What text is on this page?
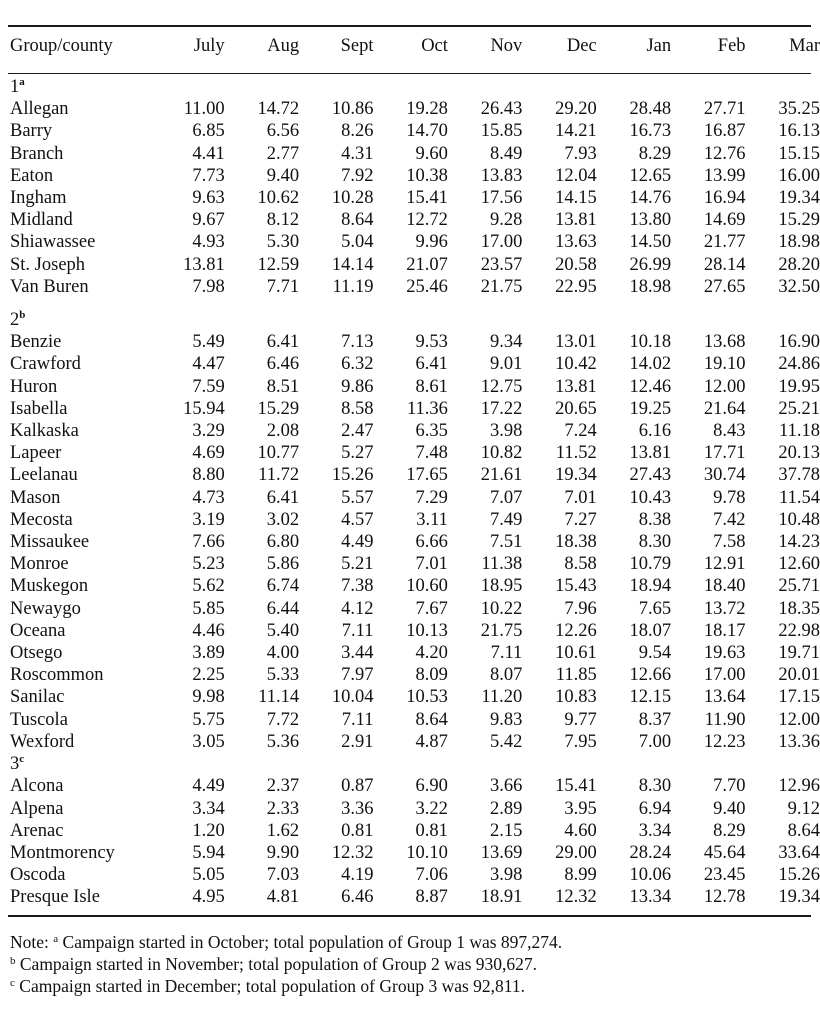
Group/county	July	Aug	Sept	Oct	Nov	Dec	Jan	Feb	Mar

1$^a$
Allegan	11.00	14.72	10.86	19.28	26.43	29.20	28.48	27.71	35.25
Barry	6.85	6.56	8.26	14.70	15.85	14.21	16.73	16.87	16.13
Branch	4.41	2.77	4.31	9.60	8.49	7.93	8.29	12.76	15.15
Eaton	7.73	9.40	7.92	10.38	13.83	12.04	12.65	13.99	16.00
Ingham	9.63	10.62	10.28	15.41	17.56	14.15	14.76	16.94	19.34
Midland	9.67	8.12	8.64	12.72	9.28	13.81	13.80	14.69	15.29
Shiawassee	4.93	5.30	5.04	9.96	17.00	13.63	14.50	21.77	18.98
St. Joseph	13.81	12.59	14.14	21.07	23.57	20.58	26.99	28.14	28.20
Van Buren	7.98	7.71	11.19	25.46	21.75	22.95	18.98	27.65	32.50

2$^b$
Benzie	5.49	6.41	7.13	9.53	9.34	13.01	10.18	13.68	16.90
Crawford	4.47	6.46	6.32	6.41	9.01	10.42	14.02	19.10	24.86
Huron	7.59	8.51	9.86	8.61	12.75	13.81	12.46	12.00	19.95
Isabella	15.94	15.29	8.58	11.36	17.22	20.65	19.25	21.64	25.21
Kalkaska	3.29	2.08	2.47	6.35	3.98	7.24	6.16	8.43	11.18
Lapeer	4.69	10.77	5.27	7.48	10.82	11.52	13.81	17.71	20.13
Leelanau	8.80	11.72	15.26	17.65	21.61	19.34	27.43	30.74	37.78
Mason	4.73	6.41	5.57	7.29	7.07	7.01	10.43	9.78	11.54
Mecosta	3.19	3.02	4.57	3.11	7.49	7.27	8.38	7.42	10.48
Missaukee	7.66	6.80	4.49	6.66	7.51	18.38	8.30	7.58	14.23
Monroe	5.23	5.86	5.21	7.01	11.38	8.58	10.79	12.91	12.60
Muskegon	5.62	6.74	7.38	10.60	18.95	15.43	18.94	18.40	25.71
Newaygo	5.85	6.44	4.12	7.67	10.22	7.96	7.65	13.72	18.35
Oceana	4.46	5.40	7.11	10.13	21.75	12.26	18.07	18.17	22.98
Otsego	3.89	4.00	3.44	4.20	7.11	10.61	9.54	19.63	19.71
Roscommon	2.25	5.33	7.97	8.09	8.07	11.85	12.66	17.00	20.01
Sanilac	9.98	11.14	10.04	10.53	11.20	10.83	12.15	13.64	17.15
Tuscola	5.75	7.72	7.11	8.64	9.83	9.77	8.37	11.90	12.00
Wexford	3.05	5.36	2.91	4.87	5.42	7.95	7.00	12.23	13.36
3$^c$
Alcona	4.49	2.37	0.87	6.90	3.66	15.41	8.30	7.70	12.96
Alpena	3.34	2.33	3.36	3.22	2.89	3.95	6.94	9.40	9.12
Arenac	1.20	1.62	0.81	0.81	2.15	4.60	3.34	8.29	8.64
Montmorency	5.94	9.90	12.32	10.10	13.69	29.00	28.24	45.64	33.64
Oscoda	5.05	7.03	4.19	7.06	3.98	8.99	10.06	23.45	15.26
Presque Isle	4.95	4.81	6.46	8.87	18.91	12.32	13.34	12.78	19.34
Note: $^a$ Campaign started in October; total population of Group 1 was 897,274.
$^b$ Campaign started in November; total population of Group 2 was 930,627.
$^c$ Campaign started in December; total population of Group 3 was 92,811.
